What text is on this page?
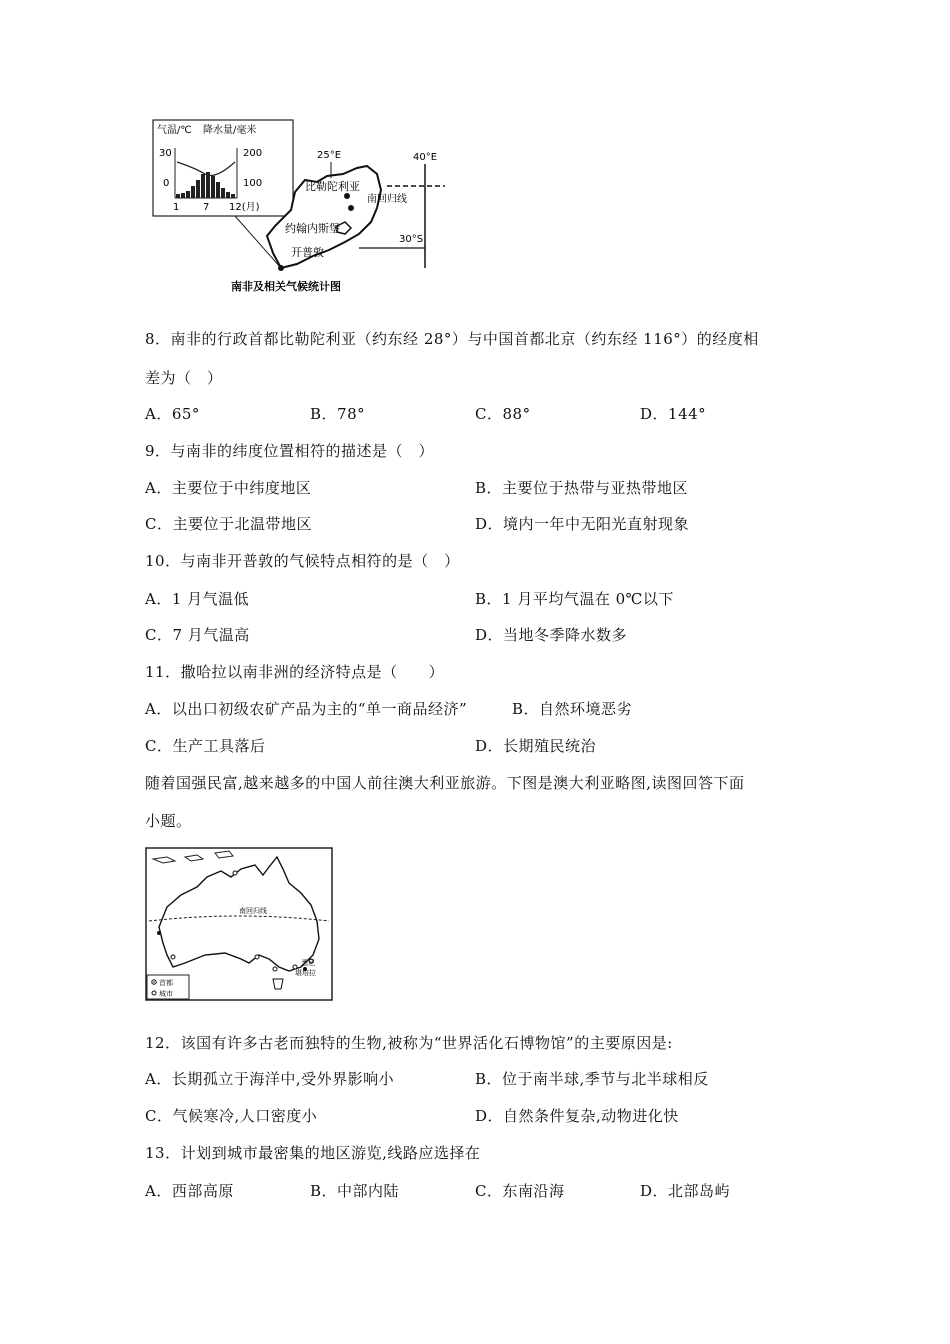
气温/℃ 降水量/毫米
30
0
200
100
1 7 12(月)
25°E	40°E
南回归线
30°S
比勒陀利亚
约翰内斯堡
开普敦
南非及相关气候统计图
8．南非的行政首都比勒陀利亚（约东经 28°）与中国首都北京（约东经 116°）的经度相
差为（　）
A．65°	B．78°	C．88°	D．144°
9．与南非的纬度位置相符的描述是（　）
A．主要位于中纬度地区	B．主要位于热带与亚热带地区
C．主要位于北温带地区	D．境内一年中无阳光直射现象
10．与南非开普敦的气候特点相符的是（　）
A．1 月气温低	B．1 月平均气温在 0℃以下
C．7 月气温高	D．当地冬季降水数多
11．撒哈拉以南非洲的经济特点是（　　）
A．以出口初级农矿产品为主的“单一商品经济”	B．自然环境恶劣
C．生产工具落后	D．长期殖民统治
随着国强民富,越来越多的中国人前往澳大利亚旅游。下图是澳大利亚略图,读图回答下面
小题。
南回归线
悉尼
堪培拉
首都
城市
12．该国有许多古老而独特的生物,被称为“世界活化石博物馆”的主要原因是:
A．长期孤立于海洋中,受外界影响小	B．位于南半球,季节与北半球相反
C．气候寒冷,人口密度小	D．自然条件复杂,动物进化快
13．计划到城市最密集的地区游览,线路应选择在
A．西部高原	B．中部内陆	C．东南沿海	D．北部岛屿
